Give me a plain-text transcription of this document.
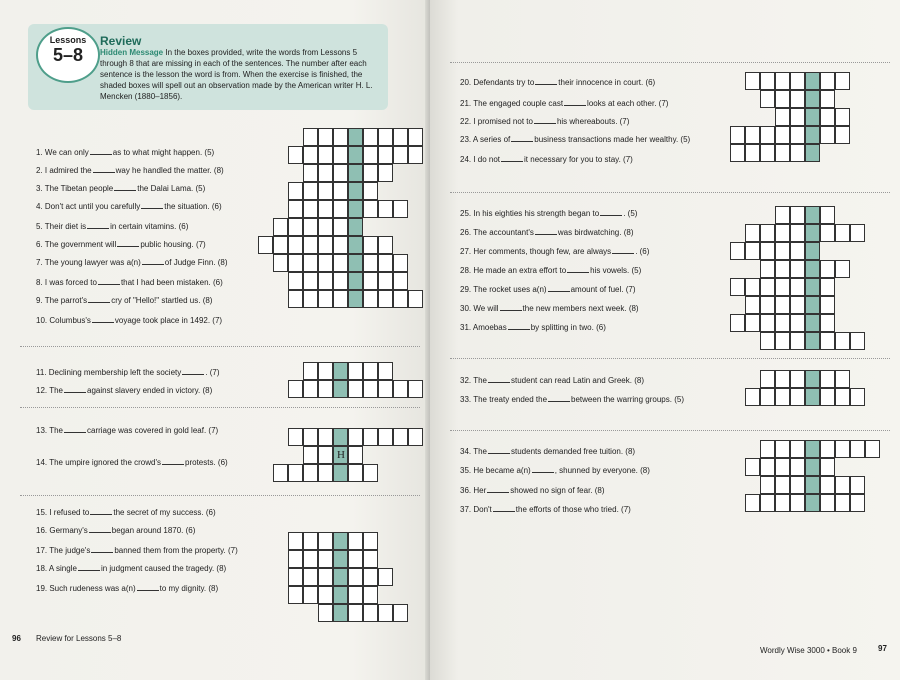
Lessons
5–8
Review
Hidden Message In the boxes provided, write the words from Lessons 5 through 8 that are missing in each of the sentences. The number after each sentence is the lesson the word is from. When the exercise is finished, the shaded boxes will spell out an observation made by the American writer H. L. Mencken (1880–1856).
1. We can only	as to what might happen. (5)
2. I admired the	way he handled the matter. (8)
3. The Tibetan people	the Dalai Lama. (5)
4. Don't act until you carefully	the situation. (6)
5. Their diet is	in certain vitamins. (6)
6. The government will	public housing. (7)
7. The young lawyer was a(n)	of Judge Finn. (8)
8. I was forced to	that I had been mistaken. (6)
9. The parrot's	cry of "Hello!" startled us. (8)
10. Columbus's	voyage took place in 1492. (7)
11. Declining membership left the society	. (7)
12. The	against slavery ended in victory. (8)
13. The	carriage was covered in gold leaf. (7)
14. The umpire ignored the crowd's	protests. (6)
15. I refused to	the secret of my success. (6)
16. Germany's	began around 1870. (6)
17. The judge's	banned them from the property. (7)
18. A single	in judgment caused the tragedy. (8)
19. Such rudeness was a(n)	to my dignity. (8)
H
96 Review for Lessons 5–8
20. Defendants try to	their innocence in court. (6)
21. The engaged couple cast	looks at each other. (7)
22. I promised not to	his whereabouts. (7)
23. A series of	business transactions made her wealthy. (5)
24. I do not	it necessary for you to stay. (7)
25. In his eighties his strength began to	. (5)
26. The accountant's	was birdwatching. (8)
27. Her comments, though few, are always	. (6)
28. He made an extra effort to	his vowels. (5)
29. The rocket uses a(n)	amount of fuel. (7)
30. We will	the new members next week. (8)
31. Amoebas	by splitting in two. (6)
32. The	student can read Latin and Greek. (8)
33. The treaty ended the	between the warring groups. (5)
34. The	students demanded free tuition. (8)
35. He became a(n)	, shunned by everyone. (8)
36. Her	showed no sign of fear. (8)
37. Don't	the efforts of those who tried. (7)
Wordly Wise 3000 • Book 9	97
